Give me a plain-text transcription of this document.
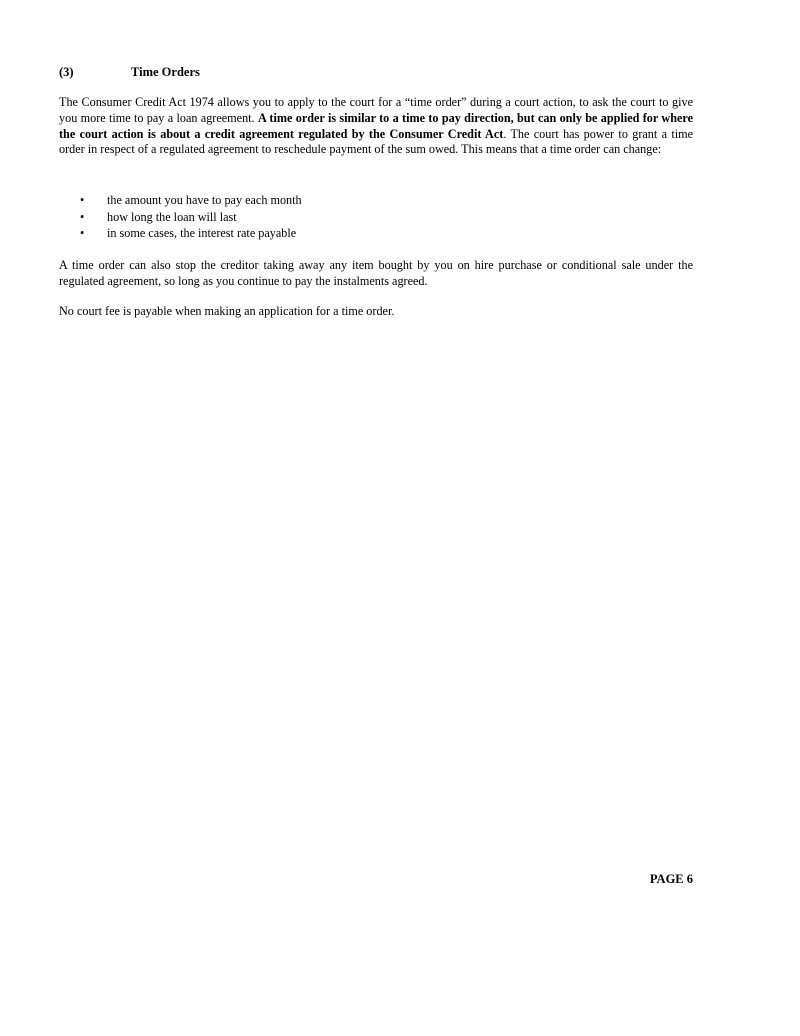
(3)	Time Orders

The Consumer Credit Act 1974 allows you to apply to the court for a “time order” during a court action, to ask the court to give you more time to pay a loan agreement. A time order is similar to a time to pay direction, but can only be applied for where the court action is about a credit agreement regulated by the Consumer Credit Act. The court has power to grant a time order in respect of a regulated agreement to reschedule payment of the sum owed. This means that a time order can change:

• the amount you have to pay each month
• how long the loan will last
• in some cases, the interest rate payable

A time order can also stop the creditor taking away any item bought by you on hire purchase or conditional sale under the regulated agreement, so long as you continue to pay the instalments agreed.

No court fee is payable when making an application for a time order.

PAGE 6
